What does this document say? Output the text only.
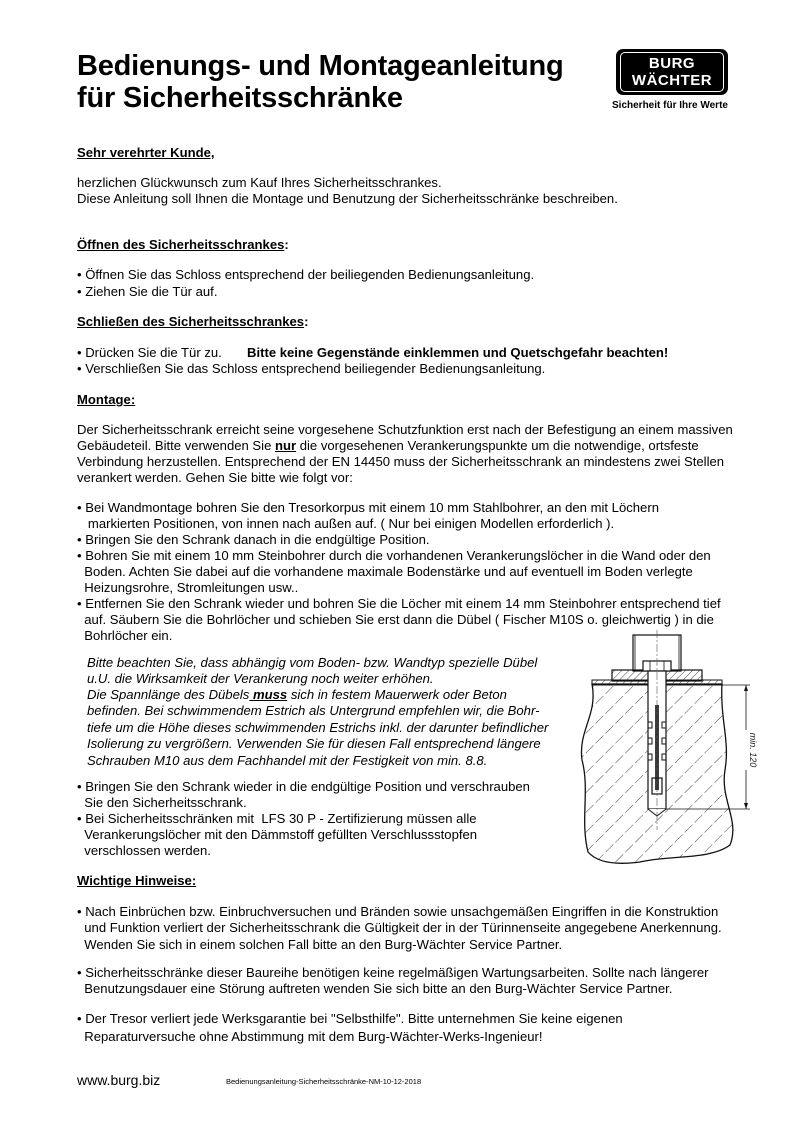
Bedienungs- und Montageanleitung
für Sicherheitsschränke
BURG
WÄCHTER
Sicherheit für Ihre Werte
Sehr verehrter Kunde,
herzlichen Glückwunsch zum Kauf Ihres Sicherheitsschrankes.
Diese Anleitung soll Ihnen die Montage und Benutzung der Sicherheitsschränke beschreiben.
Öffnen des Sicherheitsschrankes:
• Öffnen Sie das Schloss entsprechend der beiliegenden Bedienungsanleitung.
• Ziehen Sie die Tür auf.
Schließen des Sicherheitsschrankes:
• Drücken Sie die Tür zu. Bitte keine Gegenstände einklemmen und Quetschgefahr beachten!
• Verschließen Sie das Schloss entsprechend beiliegender Bedienungsanleitung.
Montage:
Der Sicherheitsschrank erreicht seine vorgesehene Schutzfunktion erst nach der Befestigung an einem massiven
Gebäudeteil. Bitte verwenden Sie nur die vorgesehenen Verankerungspunkte um die notwendige, ortsfeste
Verbindung herzustellen. Entsprechend der EN 14450 muss der Sicherheitsschrank an mindestens zwei Stellen
verankert werden. Gehen Sie bitte wie folgt vor:
• Bei Wandmontage bohren Sie den Tresorkorpus mit einem 10 mm Stahlbohrer, an den mit Löchern
markierten Positionen, von innen nach außen auf. ( Nur bei einigen Modellen erforderlich ).
• Bringen Sie den Schrank danach in die endgültige Position.
• Bohren Sie mit einem 10 mm Steinbohrer durch die vorhandenen Verankerungslöcher in die Wand oder den
Boden. Achten Sie dabei auf die vorhandene maximale Bodenstärke und auf eventuell im Boden verlegte
Heizungsrohre, Stromleitungen usw..
• Entfernen Sie den Schrank wieder und bohren Sie die Löcher mit einem 14 mm Steinbohrer entsprechend tief
auf. Säubern Sie die Bohrlöcher und schieben Sie erst dann die Dübel ( Fischer M10S o. gleichwertig ) in die
Bohrlöcher ein.
Bitte beachten Sie, dass abhängig vom Boden- bzw. Wandtyp spezielle Dübel
u.U. die Wirksamkeit der Verankerung noch weiter erhöhen.
Die Spannlänge des Dübels muss sich in festem Mauerwerk oder Beton
befinden. Bei schwimmendem Estrich als Untergrund empfehlen wir, die Bohr-
tiefe um die Höhe dieses schwimmenden Estrichs inkl. der darunter befindlicher
Isolierung zu vergrößern. Verwenden Sie für diesen Fall entsprechend längere
Schrauben M10 aus dem Fachhandel mit der Festigkeit von min. 8.8.
• Bringen Sie den Schrank wieder in die endgültige Position und verschrauben
Sie den Sicherheitsschrank.
• Bei Sicherheitsschränken mit  LFS 30 P - Zertifizierung müssen alle
Verankerungslöcher mit den Dämmstoff gefüllten Verschlussstopfen
verschlossen werden.
min. 120
Wichtige Hinweise:
• Nach Einbrüchen bzw. Einbruchversuchen und Bränden sowie unsachgemäßen Eingriffen in die Konstruktion
und Funktion verliert der Sicherheitsschrank die Gültigkeit der in der Türinnenseite angegebene Anerkennung.
Wenden Sie sich in einem solchen Fall bitte an den Burg-Wächter Service Partner.
• Sicherheitsschränke dieser Baureihe benötigen keine regelmäßigen Wartungsarbeiten. Sollte nach längerer
Benutzungsdauer eine Störung auftreten wenden Sie sich bitte an den Burg-Wächter Service Partner.
• Der Tresor verliert jede Werksgarantie bei "Selbsthilfe". Bitte unternehmen Sie keine eigenen
Reparaturversuche ohne Abstimmung mit dem Burg-Wächter-Werks-Ingenieur!
www.burg.biz	Bedienungsanleitung-Sicherheitsschränke-NM-10-12-2018
